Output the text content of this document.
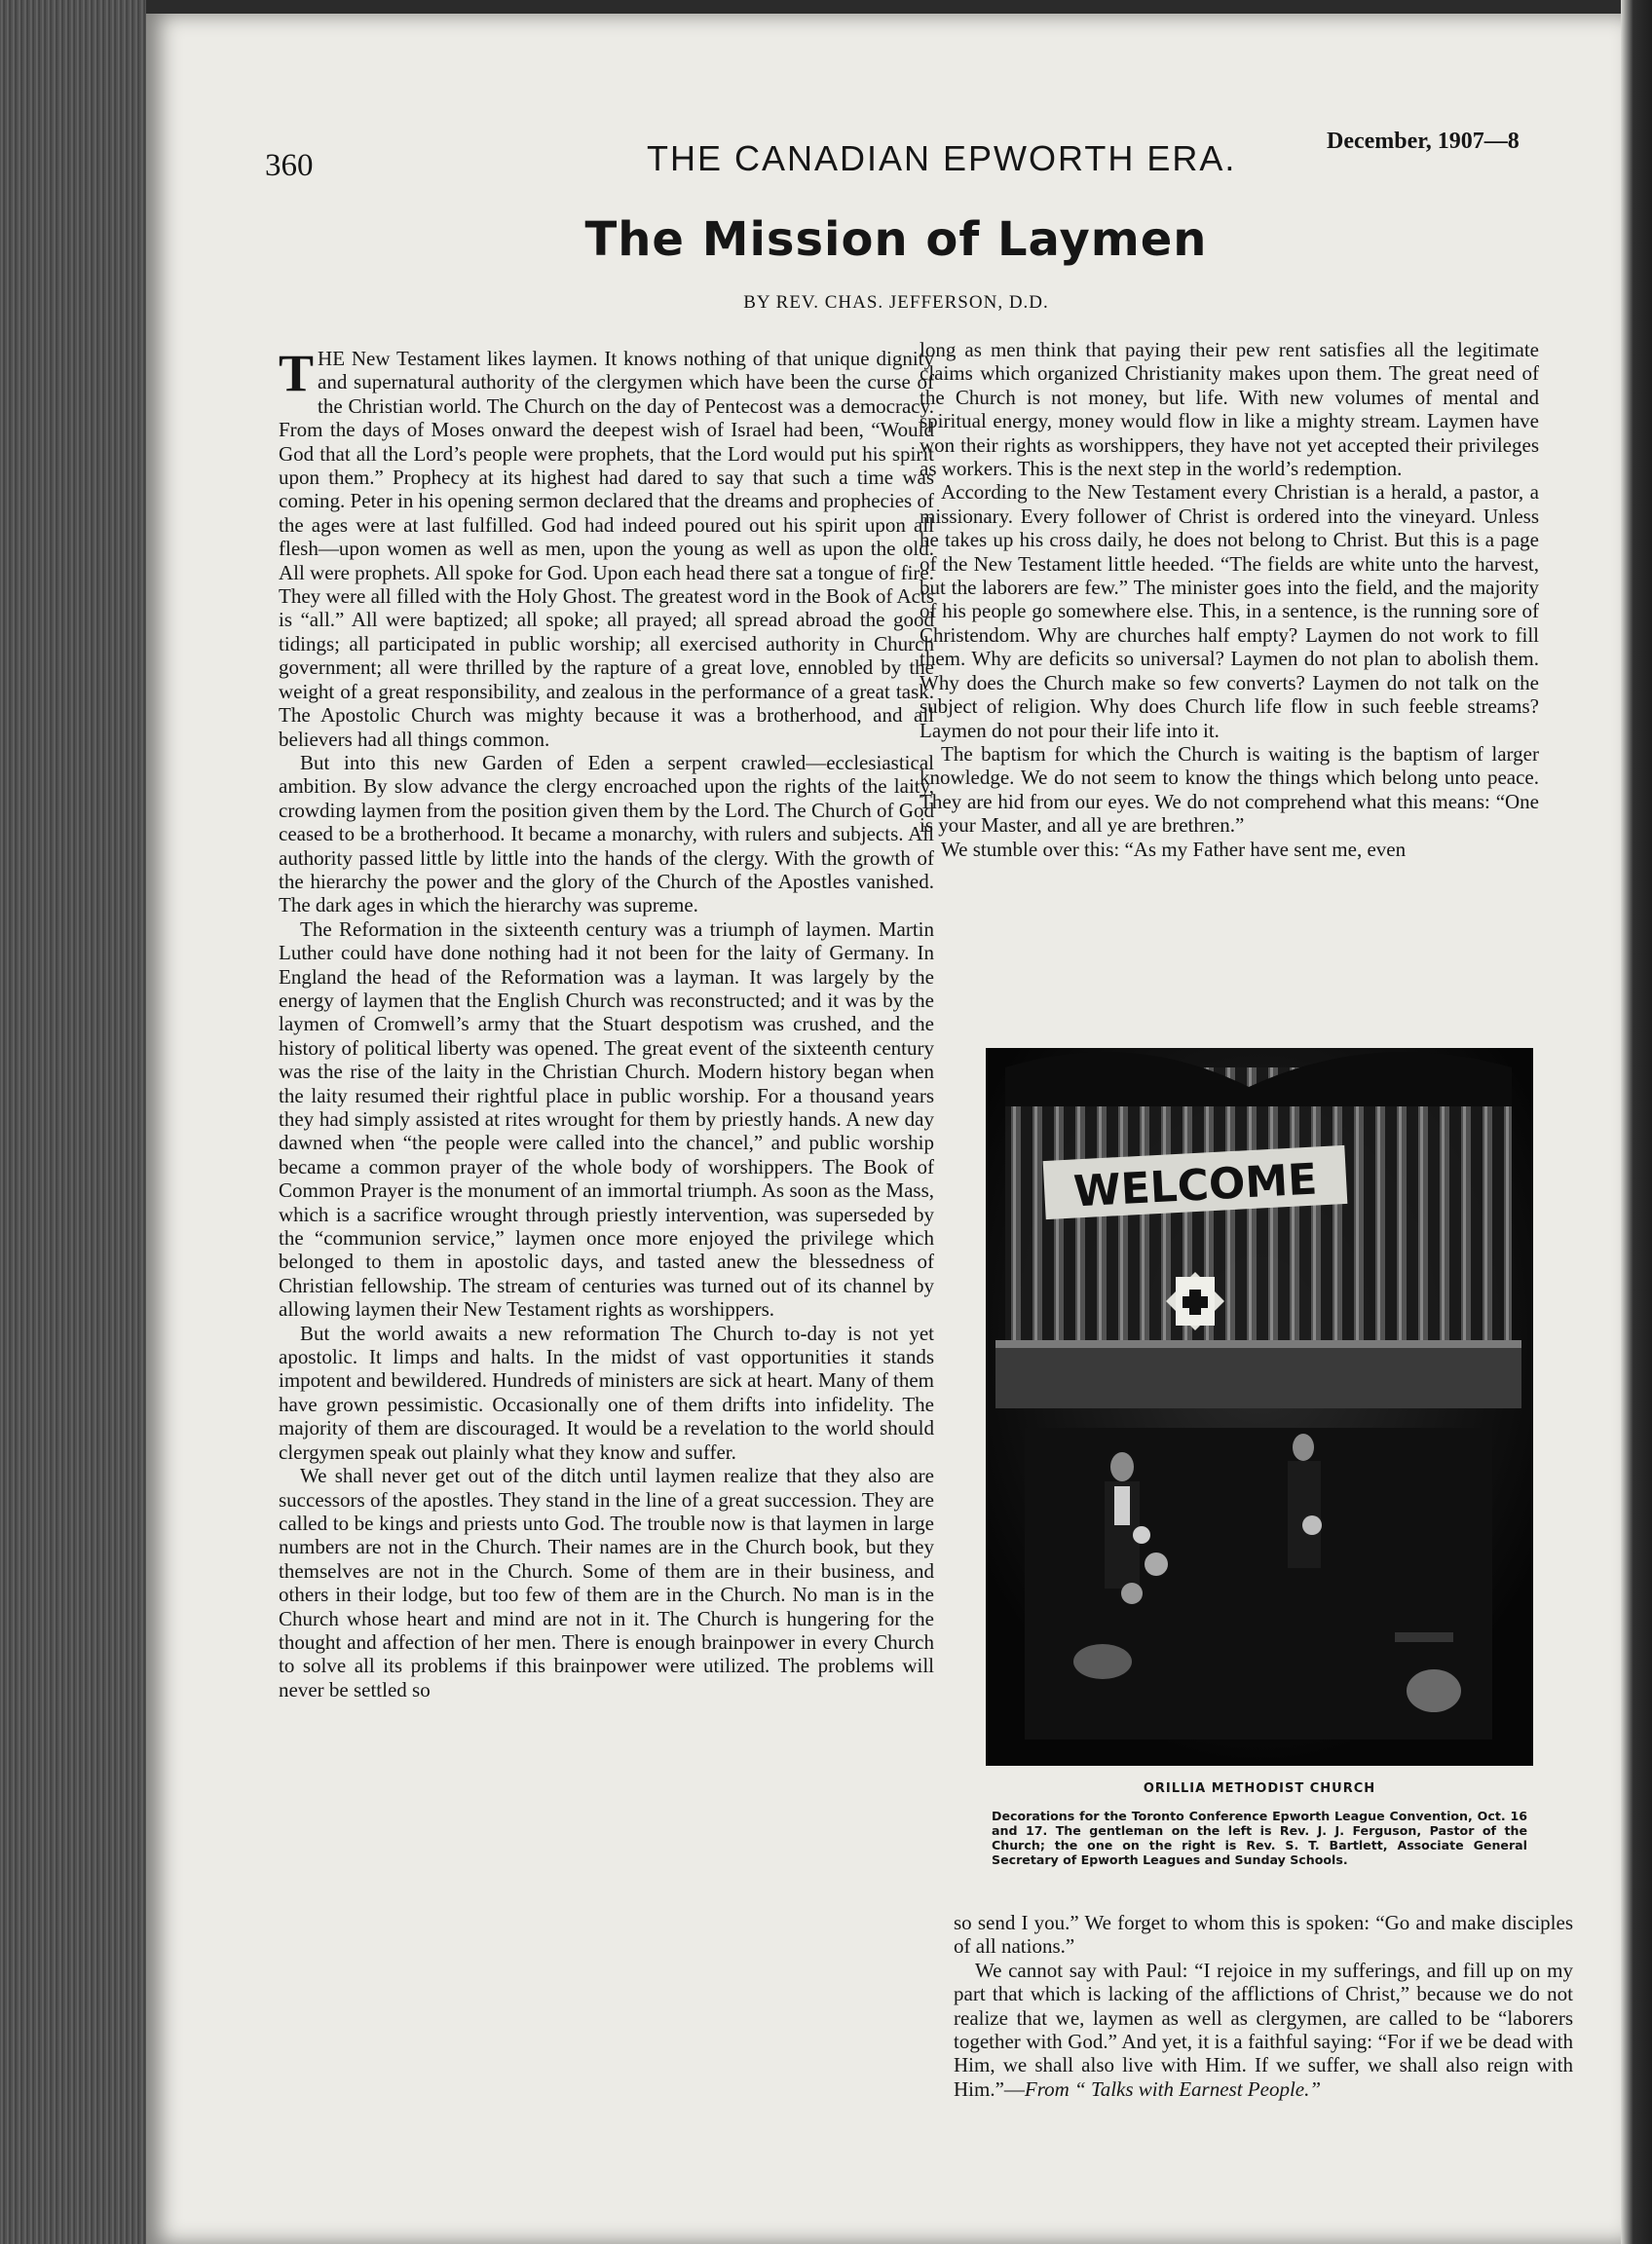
360	THE CANADIAN EPWORTH ERA.	December, 1907—8
The Mission of Laymen
BY REV. CHAS. JEFFERSON, D.D.

THE New Testament likes laymen. It knows nothing of that unique dignity and supernatural authority of the clergymen which have been the curse of the Christian world. The Church on the day of Pentecost was a democracy. From the days of Moses onward the deepest wish of Israel had been, “Would God that all the Lord’s people were prophets, that the Lord would put his spirit upon them.” Prophecy at its highest had dared to say that such a time was coming. Peter in his opening sermon declared that the dreams and prophecies of the ages were at last fulfilled. God had indeed poured out his spirit upon all flesh—upon women as well as men, upon the young as well as upon the old. All were prophets. All spoke for God. Upon each head there sat a tongue of fire. They were all filled with the Holy Ghost. The greatest word in the Book of Acts is “all.” All were baptized; all spoke; all prayed; all spread abroad the good tidings; all participated in public worship; all exercised authority in Church government; all were thrilled by the rapture of a great love, ennobled by the weight of a great responsibility, and zealous in the performance of a great task. The Apostolic Church was mighty because it was a brotherhood, and all believers had all things common.

But into this new Garden of Eden a serpent crawled—ecclesiastical ambition. By slow advance the clergy encroached upon the rights of the laity, crowding laymen from the position given them by the Lord. The Church of God ceased to be a brotherhood. It became a monarchy, with rulers and subjects. All authority passed little by little into the hands of the clergy. With the growth of the hierarchy the power and the glory of the Church of the Apostles vanished. The dark ages in which the hierarchy was supreme.

The Reformation in the sixteenth century was a triumph of laymen. Martin Luther could have done nothing had it not been for the laity of Germany. In England the head of the Reformation was a layman. It was largely by the energy of laymen that the English Church was reconstructed; and it was by the laymen of Cromwell’s army that the Stuart despotism was crushed, and the history of political liberty was opened. The great event of the sixteenth century was the rise of the laity in the Christian Church. Modern history began when the laity resumed their rightful place in public worship. For a thousand years they had simply assisted at rites wrought for them by priestly hands. A new day dawned when “the people were called into the chancel,” and public worship became a common prayer of the whole body of worshippers. The Book of Common Prayer is the monument of an immortal triumph. As soon as the Mass, which is a sacrifice wrought through priestly intervention, was superseded by the “communion service,” laymen once more enjoyed the privilege which belonged to them in apostolic days, and tasted anew the blessedness of Christian fellowship. The stream of centuries was turned out of its channel by allowing laymen their New Testament rights as worshippers.

But the world awaits a new reformation The Church to-day is not yet apostolic. It limps and halts. In the midst of vast opportunities it stands impotent and bewildered. Hundreds of ministers are sick at heart. Many of them have grown pessimistic. Occasionally one of them drifts into infidelity. The majority of them are discouraged. It would be a revelation to the world should clergymen speak out plainly what they know and suffer.

We shall never get out of the ditch until laymen realize that they also are successors of the apostles. They stand in the line of a great succession. They are called to be kings and priests unto God. The trouble now is that laymen in large numbers are not in the Church. Their names are in the Church book, but they themselves are not in the Church. Some of them are in their business, and others in their lodge, but too few of them are in the Church. No man is in the Church whose heart and mind are not in it. The Church is hungering for the thought and affection of her men. There is enough brainpower in every Church to solve all its problems if this brainpower were utilized. The problems will never be settled so

long as men think that paying their pew rent satisfies all the legitimate claims which organized Christianity makes upon them. The great need of the Church is not money, but life. With new volumes of mental and spiritual energy, money would flow in like a mighty stream. Laymen have won their rights as worshippers, they have not yet accepted their privileges as workers. This is the next step in the world’s redemption.

According to the New Testament every Christian is a herald, a pastor, a missionary. Every follower of Christ is ordered into the vineyard. Unless he takes up his cross daily, he does not belong to Christ. But this is a page of the New Testament little heeded. “The fields are white unto the harvest, but the laborers are few.” The minister goes into the field, and the majority of his people go somewhere else. This, in a sentence, is the running sore of Christendom. Why are churches half empty? Laymen do not work to fill them. Why are deficits so universal? Laymen do not plan to abolish them. Why does the Church make so few converts? Laymen do not talk on the subject of religion. Why does Church life flow in such feeble streams? Laymen do not pour their life into it.

The baptism for which the Church is waiting is the baptism of larger knowledge. We do not seem to know the things which belong unto peace. They are hid from our eyes. We do not comprehend what this means: “One is your Master, and all ye are brethren.”

We stumble over this: “As my Father have sent me, even

WELCOME
ORILLIA METHODIST CHURCH
Decorations for the Toronto Conference Epworth League Convention, Oct. 16 and 17. The gentleman on the left is Rev. J. J. Ferguson, Pastor of the Church; the one on the right is Rev. S. T. Bartlett, Associate General Secretary of Epworth Leagues and Sunday Schools.

so send I you.” We forget to whom this is spoken: “Go and make disciples of all nations.”

We cannot say with Paul: “I rejoice in my sufferings, and fill up on my part that which is lacking of the afflictions of Christ,” because we do not realize that we, laymen as well as clergymen, are called to be “laborers together with God.” And yet, it is a faithful saying: “For if we be dead with Him, we shall also live with Him. If we suffer, we shall also reign with Him.”—From “ Talks with Earnest People.”
